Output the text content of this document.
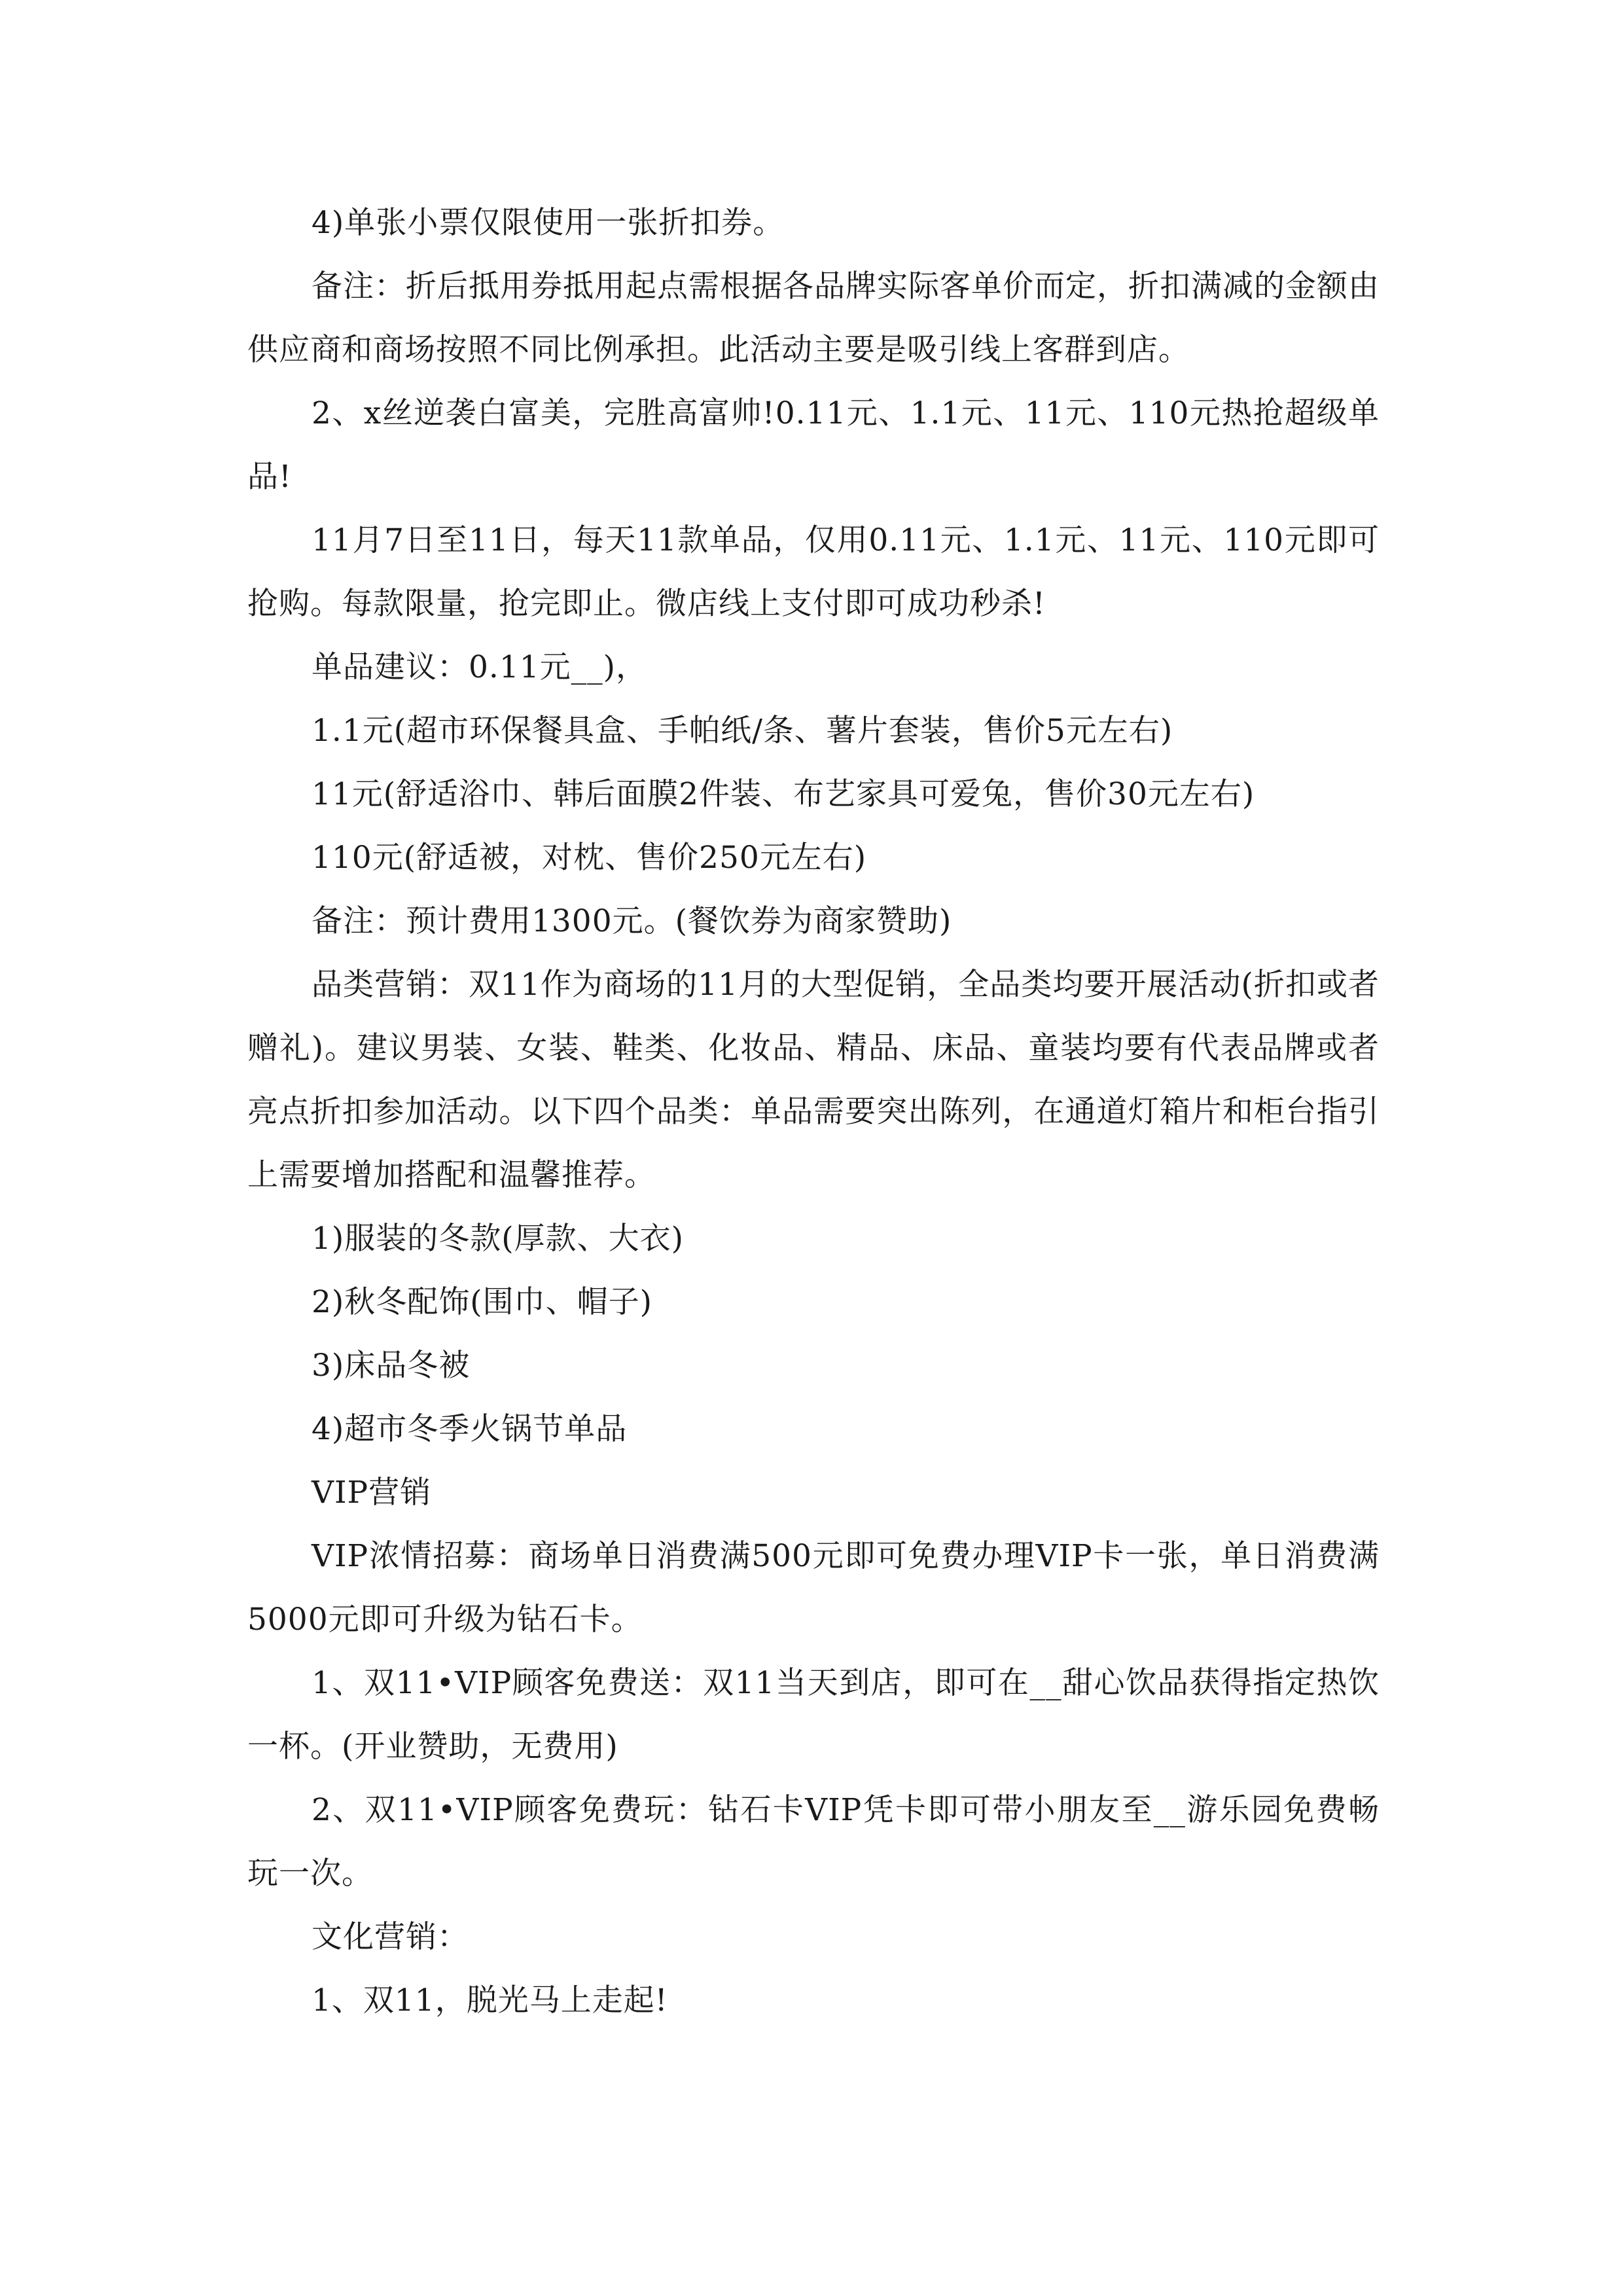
4)单张小票仅限使用一张折扣券。

备注：折后抵用券抵用起点需根据各品牌实际客单价而定，折扣满减的金额由供应商和商场按照不同比例承担。此活动主要是吸引线上客群到店。

2、x丝逆袭白富美，完胜高富帅!0.11元、1.1元、11元、110元热抢超级单品!

11月7日至11日，每天11款单品，仅用0.11元、1.1元、11元、110元即可抢购。每款限量，抢完即止。微店线上支付即可成功秒杀!

单品建议：0.11元__)，

1.1元(超市环保餐具盒、手帕纸/条、薯片套装，售价5元左右)

11元(舒适浴巾、韩后面膜2件装、布艺家具可爱兔，售价30元左右)

110元(舒适被，对枕、售价250元左右)

备注：预计费用1300元。(餐饮券为商家赞助)

品类营销：双11作为商场的11月的大型促销，全品类均要开展活动(折扣或者赠礼)。建议男装、女装、鞋类、化妆品、精品、床品、童装均要有代表品牌或者亮点折扣参加活动。以下四个品类：单品需要突出陈列，在通道灯箱片和柜台指引上需要增加搭配和温馨推荐。

1)服装的冬款(厚款、大衣)

2)秋冬配饰(围巾、帽子)

3)床品冬被

4)超市冬季火锅节单品

VIP营销

VIP浓情招募：商场单日消费满500元即可免费办理VIP卡一张，单日消费满5000元即可升级为钻石卡。

1、双11•VIP顾客免费送：双11当天到店，即可在__甜心饮品获得指定热饮一杯。(开业赞助，无费用)

2、双11•VIP顾客免费玩：钻石卡VIP凭卡即可带小朋友至__游乐园免费畅玩一次。

文化营销：

1、双11，脱光马上走起!
